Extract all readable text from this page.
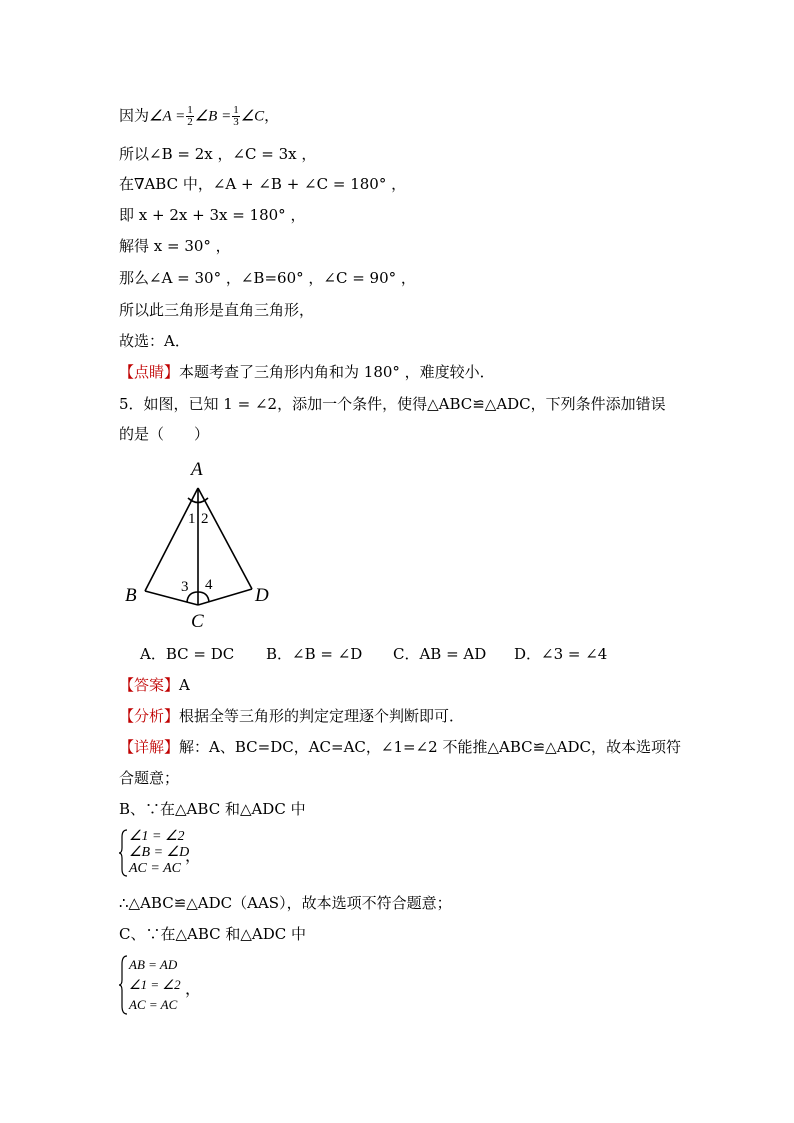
因为∠A = $\frac{1}{2}$ ∠B = $\frac{1}{3}$ ∠C，
所以∠B = 2x ，∠C = 3x ，
在∇ABC 中，∠A + ∠B + ∠C = 180° ，
即 x + 2x + 3x = 180° ，
解得 x = 30° ，
那么∠A = 30° ，∠B=60° ，∠C = 90° ，
所以此三角形是直角三角形，
故选：A．
【点睛】本题考查了三角形内角和为 180° ，难度较小．
5．如图，已知 1 = ∠2，添加一个条件，使得△ABC≌△ADC，下列条件添加错误
的是（　　）
A
B
C
D
1 2
3 4
A．BC = DC B．∠B = ∠D C．AB = AD D．∠3 = ∠4
【答案】A
【分析】根据全等三角形的判定定理逐个判断即可．
【详解】解：A、BC=DC，AC=AC，∠1=∠2 不能推△ABC≌△ADC，故本选项符
合题意；
B、∵在△ABC 和△ADC 中
∠1 = ∠2
∠B = ∠D
AC = AC
，
∴△ABC≌△ADC（AAS），故本选项不符合题意；
C、∵在△ABC 和△ADC 中
AB = AD
∠1 = ∠2
AC = AC
，
